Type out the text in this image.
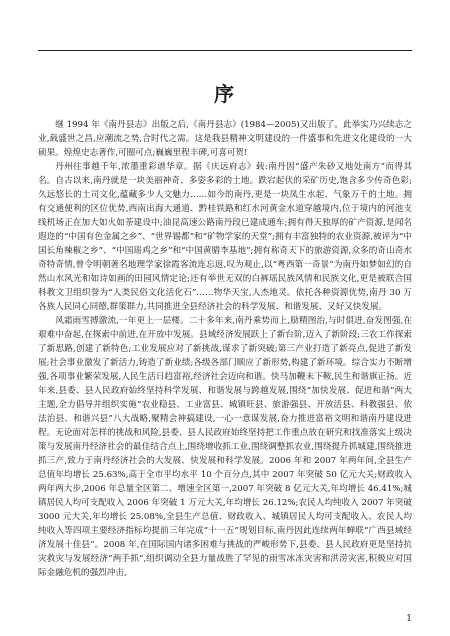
序

继 1994 年《南丹县志》出版之后,《南丹县志》(1984—2005)又出版了。此举实乃兴续志之业,载盛世之昌,应潮流之势,合时代之需。这是我县精神文明建设的一件盛事和先进文化建设的一大硕果。煌煌史志著作,可圈可点;巍巍里程丰碑,可喜可贺!

丹州往事越千年,浓墨重彩谱华章。据《庆远府志》载:南丹因“盛产朱砂又地处南方”而得其名。自古以来,南丹就是一块美丽神奇、多姿多彩的土地。跌宕起伏的采矿历史,饱含多少传奇色彩;久远悠长的土司文化,蕴藏多少人文魅力……如今的南丹,更是一块凤生水起、气象万千的土地。拥有交通便利的区位优势,西南出海大通道、黔桂铁路和红水河黄金水道穿越境内,位于境内的河池支线机场正在加大如火如荼建设中;油昆高速公路南丹段已建成通车;拥有得天独厚的矿产资源,是闻名遐迩的“中国有色金属之乡”、“世界锡都”和“矿物学家的天堂”;拥有丰富独特的农业资源,被评为“中国长角辣椒之乡”、“中国瑶鸡之乡”和“中国黄腊李基地”;拥有称奇天下的旅游资源,众多的奇山奇水奇特奇情,曾令明朝著名地理学家徐霞客流连忘返,叹为观止,以“粤西第一奇景”为南丹如梦如幻的自然山水风光和如诗如画的田园风情定论;还有举世无双的白裤瑶民族风情和民族文化,更是被联合国科教文卫组织誉为“人类民俗文化活化石”……物华天宝,人杰地灵。依托各种资源优势,南丹 30 万各族人民同心同德,群策群力,共同推进全县经济社会的科学发展、和谐发展、又好又快发展。

风霜雨雪搏激流,一年更上一层楼。二十多年来,南丹乘势而上,励精图治,与时俱进,奋发图强,在艰难中奋起,在探索中前进,在开放中发展。县域经济发展跃上了新台阶,迈入了新阶段;三农工作探索了新思路,创建了新特色;工业发展应对了新挑战,谋求了新突破;第三产业打造了新亮点,促进了新发展;社会事业激发了新活力,铸造了新业绩;各级各部门顺应了新形势,构建了新环境。综合实力不断增强,各项事业繁荣发展,人民生活日趋富裕,经济社会迈向和谐。快马加鞭未下鞍,民生和谐旗正扬。近年来,县委、县人民政府始终坚持科学发展、和谐发展与跨越发展,围绕“加快发展、促进和谐”两大主题,全力倡导并组织实施“农业稳县、工业富县、城镇旺县、旅游强县、开放活县、科教强县、依法治县、和谐兴县”八大战略,聚精会神搞建设,一心一意谋发展,奋力推进富裕文明和谐南丹建设进程。无论面对怎样的挑战和风险,县委、县人民政府始终坚持把工作重点放在研究和找准落实上级决策与发展南丹经济社会的最佳结合点上,围绕增收抓工业,围绕调整抓农业,围绕提升抓城建,围绕推进抓三产,致力于南丹经济社会的大发展、快发展和科学发展。2006 年和 2007 年两年间,全县生产总值年均增长 25.63%,高于全市平均水平 10 个百分点,其中 2007 年突破 50 亿元大关;财政收入两年两大步,2006 年总量全区第二、增速全区第一,2007 年突破 8 亿元大关,年均增长 46.41%;城镇居民人均可支配收入 2006 年突破 1 万元大关,年均增长 26.12%;农民人均纯收入 2007 年突破 3000 元大关,年均增长 25.08%,全县生产总值、财政收入、城镇居民人均可支配收入、农民人均纯收入等四项主要经济指标均提前三年完成“十一五”规划目标,南丹因此连续两年蝉联“广西县域经济发展十佳县”。2008 年,在国际国内诸多困难与挑战的严峻形势下,县委、县人民政府更是坚持抗灾救灾与发展经济“两手抓”,组织调动全县力量战胜了罕见的雨雪冰冻灾害和洪涝灾害,积极应对国际金融危机的强烈冲击,

1
